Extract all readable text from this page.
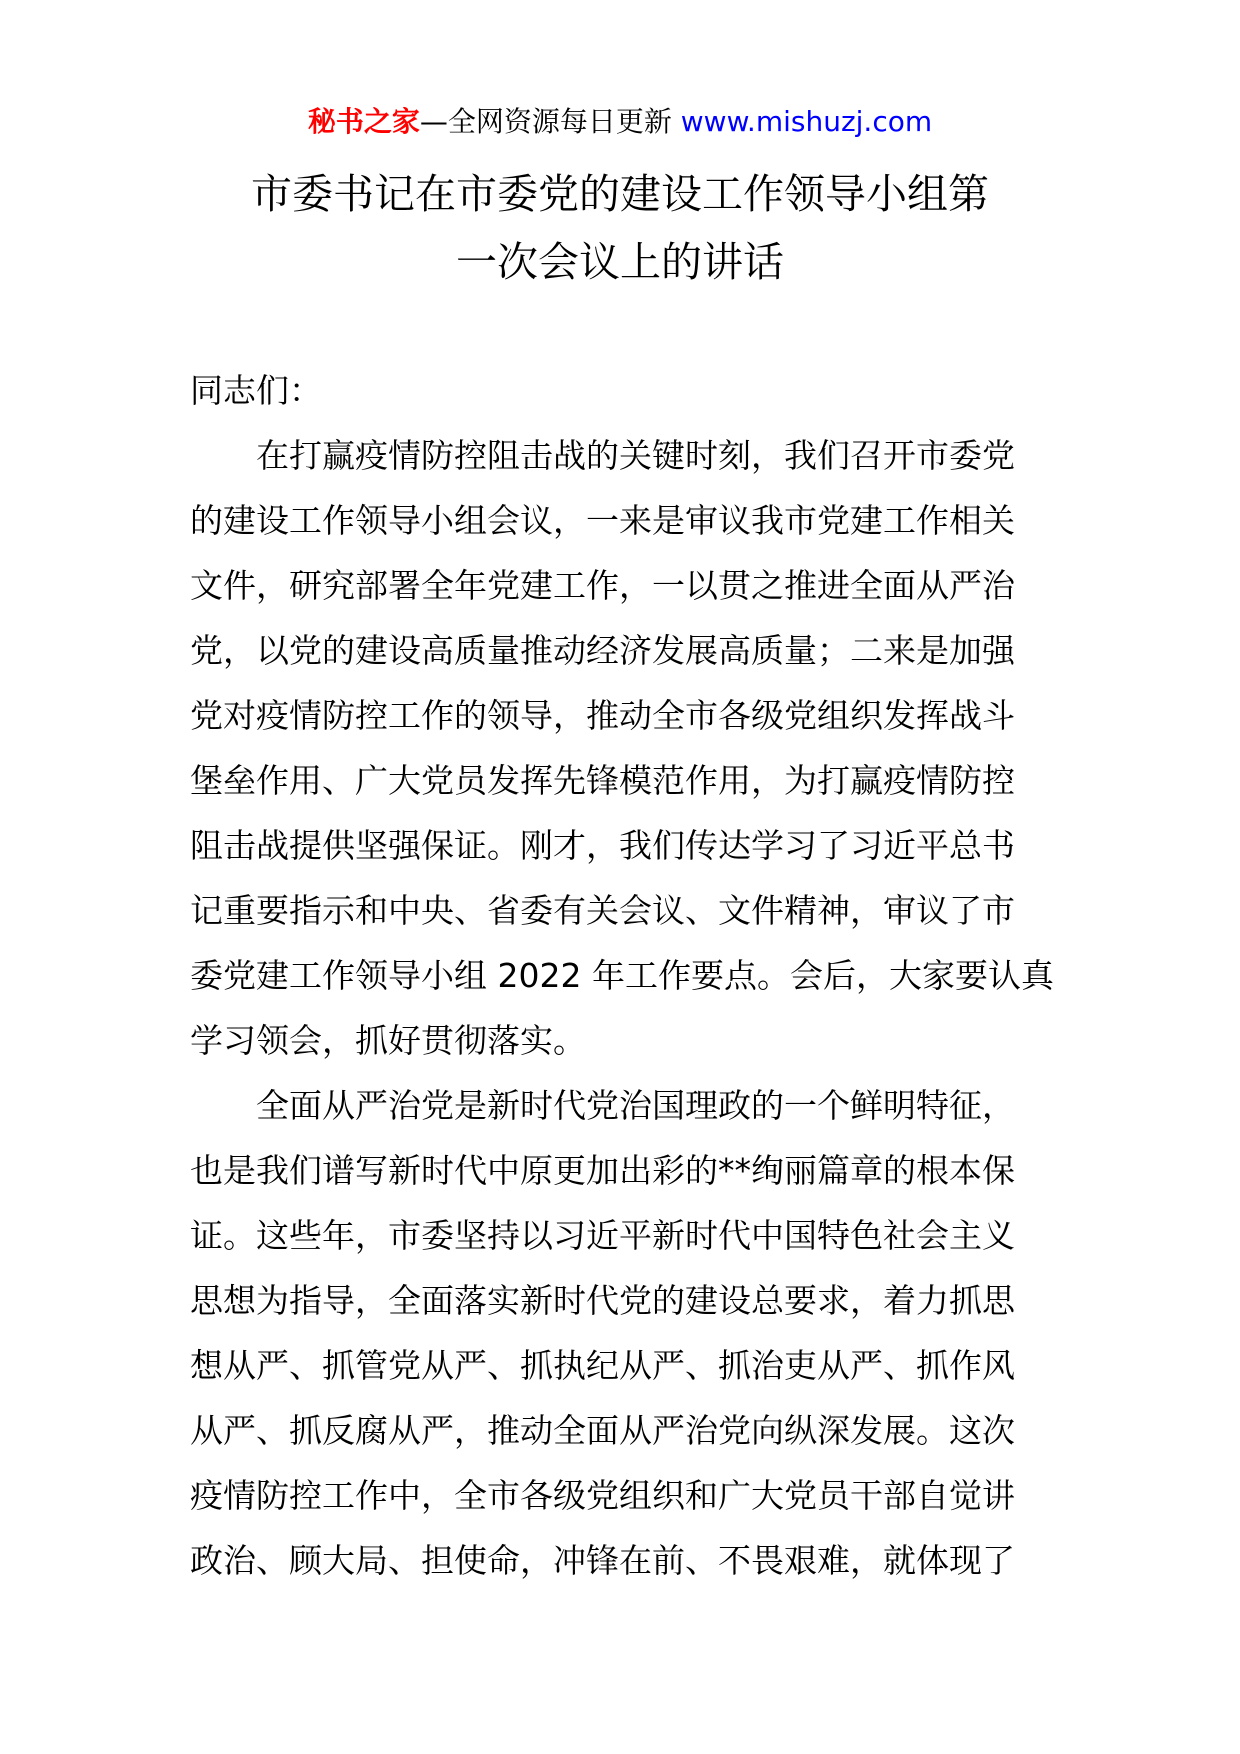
秘书之家—全网资源每日更新 www.mishuzj.com
市委书记在市委党的建设工作领导小组第
一次会议上的讲话
同志们：
　　在打赢疫情防控阻击战的关键时刻，我们召开市委党
的建设工作领导小组会议，一来是审议我市党建工作相关
文件，研究部署全年党建工作，一以贯之推进全面从严治
党，以党的建设高质量推动经济发展高质量；二来是加强
党对疫情防控工作的领导，推动全市各级党组织发挥战斗
堡垒作用、广大党员发挥先锋模范作用，为打赢疫情防控
阻击战提供坚强保证。刚才，我们传达学习了习近平总书
记重要指示和中央、省委有关会议、文件精神，审议了市
委党建工作领导小组 2022 年工作要点。会后，大家要认真
学习领会，抓好贯彻落实。
　　全面从严治党是新时代党治国理政的一个鲜明特征，
也是我们谱写新时代中原更加出彩的**绚丽篇章的根本保
证。这些年，市委坚持以习近平新时代中国特色社会主义
思想为指导，全面落实新时代党的建设总要求，着力抓思
想从严、抓管党从严、抓执纪从严、抓治吏从严、抓作风
从严、抓反腐从严，推动全面从严治党向纵深发展。这次
疫情防控工作中，全市各级党组织和广大党员干部自觉讲
政治、顾大局、担使命，冲锋在前、不畏艰难，就体现了
